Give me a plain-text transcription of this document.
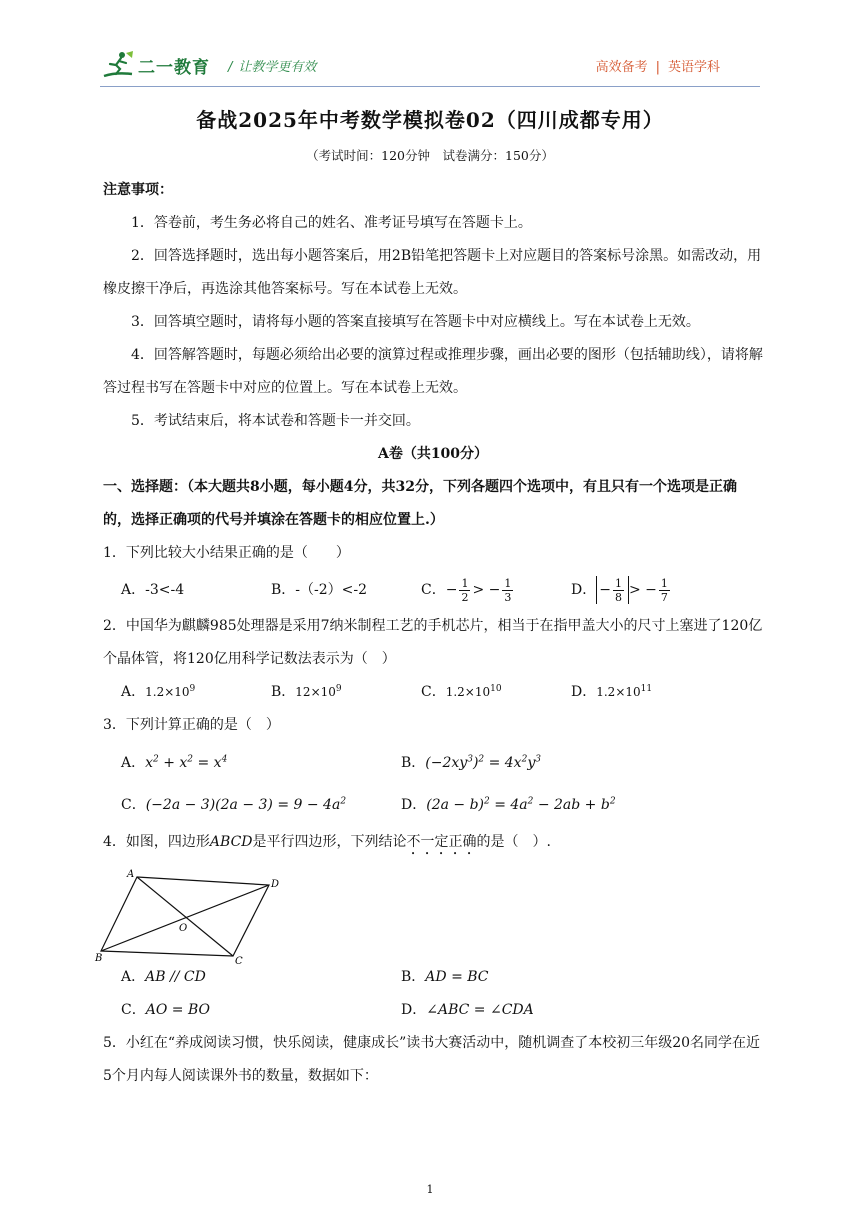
二一教育 / 让教学更有效	高效备考 | 英语学科
备战2025年中考数学模拟卷02（四川成都专用）
（考试时间：120分钟　试卷满分：150分）

注意事项：

1．答卷前，考生务必将自己的姓名、准考证号填写在答题卡上。

2．回答选择题时，选出每小题答案后，用2B铅笔把答题卡上对应题目的答案标号涂黑。如需改动，用橡皮擦干净后，再选涂其他答案标号。写在本试卷上无效。

3．回答填空题时，请将每小题的答案直接填写在答题卡中对应横线上。写在本试卷上无效。

4．回答解答题时，每题必须给出必要的演算过程或推理步骤，画出必要的图形（包括辅助线），请将解答过程书写在答题卡中对应的位置上。写在本试卷上无效。

5．考试结束后，将本试卷和答题卡一并交回。

A卷（共100分）

一、选择题：（本大题共8小题，每小题4分，共32分，下列各题四个选项中，有且只有一个选项是正确的，选择正确项的代号并填涂在答题卡的相应位置上.）

1．下列比较大小结果正确的是（　　）

A．-3<-4	B．-（-2）<-2	C．− $\frac{1}{2}$ > − $\frac{1}{3}$	D． − $\frac{1}{8}$ > − $\frac{1}{7}$

2．中国华为麒麟985处理器是采用7纳米制程工艺的手机芯片，相当于在指甲盖大小的尺寸上塞进了120亿个晶体管，将120亿用科学记数法表示为（　）

A．$1.2\times 10^9$	B．$12\times 10^9$	C．$1.2\times 10^{10}$	D．$1.2\times 10^{11}$

3．下列计算正确的是（　）

A．$x^2 + x^2 = x^4$	B．$(-2xy^3)^2 = 4x^2y^3$
C．$(-2a - 3)(2a - 3) = 9 - 4a^2$	D．$(2a - b)^2 = 4a^2 - 2ab + b^2$

4．如图，四边形ABCD是平行四边形，下列结论不一定正确的是（　）.

A
D
B	C
O
A．AB // CD	B．AD = BC
C．AO = BO	D．∠ABC = ∠CDA

5．小红在“养成阅读习惯，快乐阅读，健康成长”读书大赛活动中，随机调查了本校初三年级20名同学在近5个月内每人阅读课外书的数量，数据如下：

1
